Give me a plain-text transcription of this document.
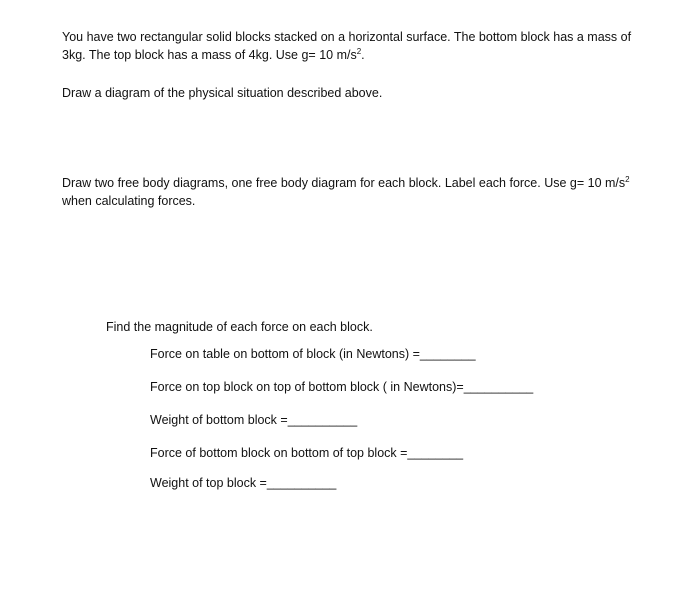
You have two rectangular solid blocks stacked on a horizontal surface. The bottom block has a mass of
3kg. The top block has a mass of 4kg. Use g= 10 $m/s^2$.

Draw a diagram of the physical situation described above.

Draw two free body diagrams, one free body diagram for each block. Label each force. Use g= 10 $m/s^2$
when calculating forces.

Find the magnitude of each force on each block.

Force on table on bottom of block (in Newtons) =________
Force on top block on top of bottom block ( in Newtons)=__________
Weight of bottom block =__________
Force of bottom block on bottom of top block =________
Weight of top block =__________
